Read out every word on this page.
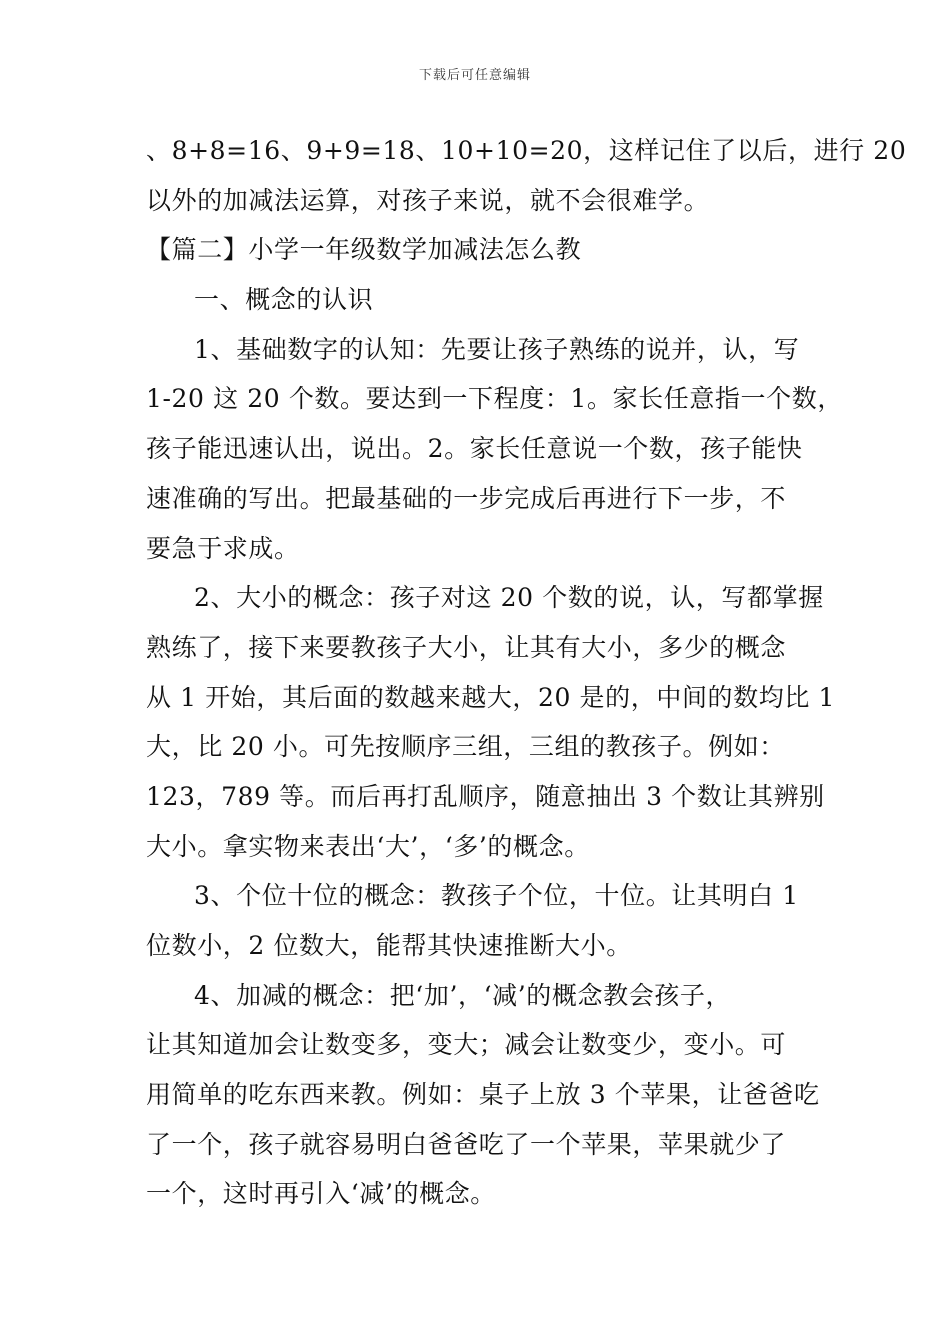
下载后可任意编辑
、8+8=16、9+9=18、10+10=20，这样记住了以后，进行 20
以外的加减法运算，对孩子来说，就不会很难学。
【篇二】小学一年级数学加减法怎么教
一、概念的认识
1、基础数字的认知：先要让孩子熟练的说并，认，写
1-20 这 20 个数。要达到一下程度：1。家长任意指一个数，
孩子能迅速认出，说出。2。家长任意说一个数，孩子能快
速准确的写出。把最基础的一步完成后再进行下一步，不
要急于求成。
2、大小的概念：孩子对这 20 个数的说，认，写都掌握
熟练了，接下来要教孩子大小，让其有大小，多少的概念
从 1 开始，其后面的数越来越大，20 是的，中间的数均比 1
大，比 20 小。可先按顺序三组，三组的教孩子。例如：
123，789 等。而后再打乱顺序，随意抽出 3 个数让其辨别
大小。拿实物来表出‘大’，‘多’的概念。
3、个位十位的概念：教孩子个位，十位。让其明白 1
位数小，2 位数大，能帮其快速推断大小。
4、加减的概念：把‘加’，‘减’的概念教会孩子，
让其知道加会让数变多，变大；减会让数变少，变小。可
用简单的吃东西来教。例如：桌子上放 3 个苹果，让爸爸吃
了一个，孩子就容易明白爸爸吃了一个苹果，苹果就少了
一个，这时再引入‘减’的概念。
